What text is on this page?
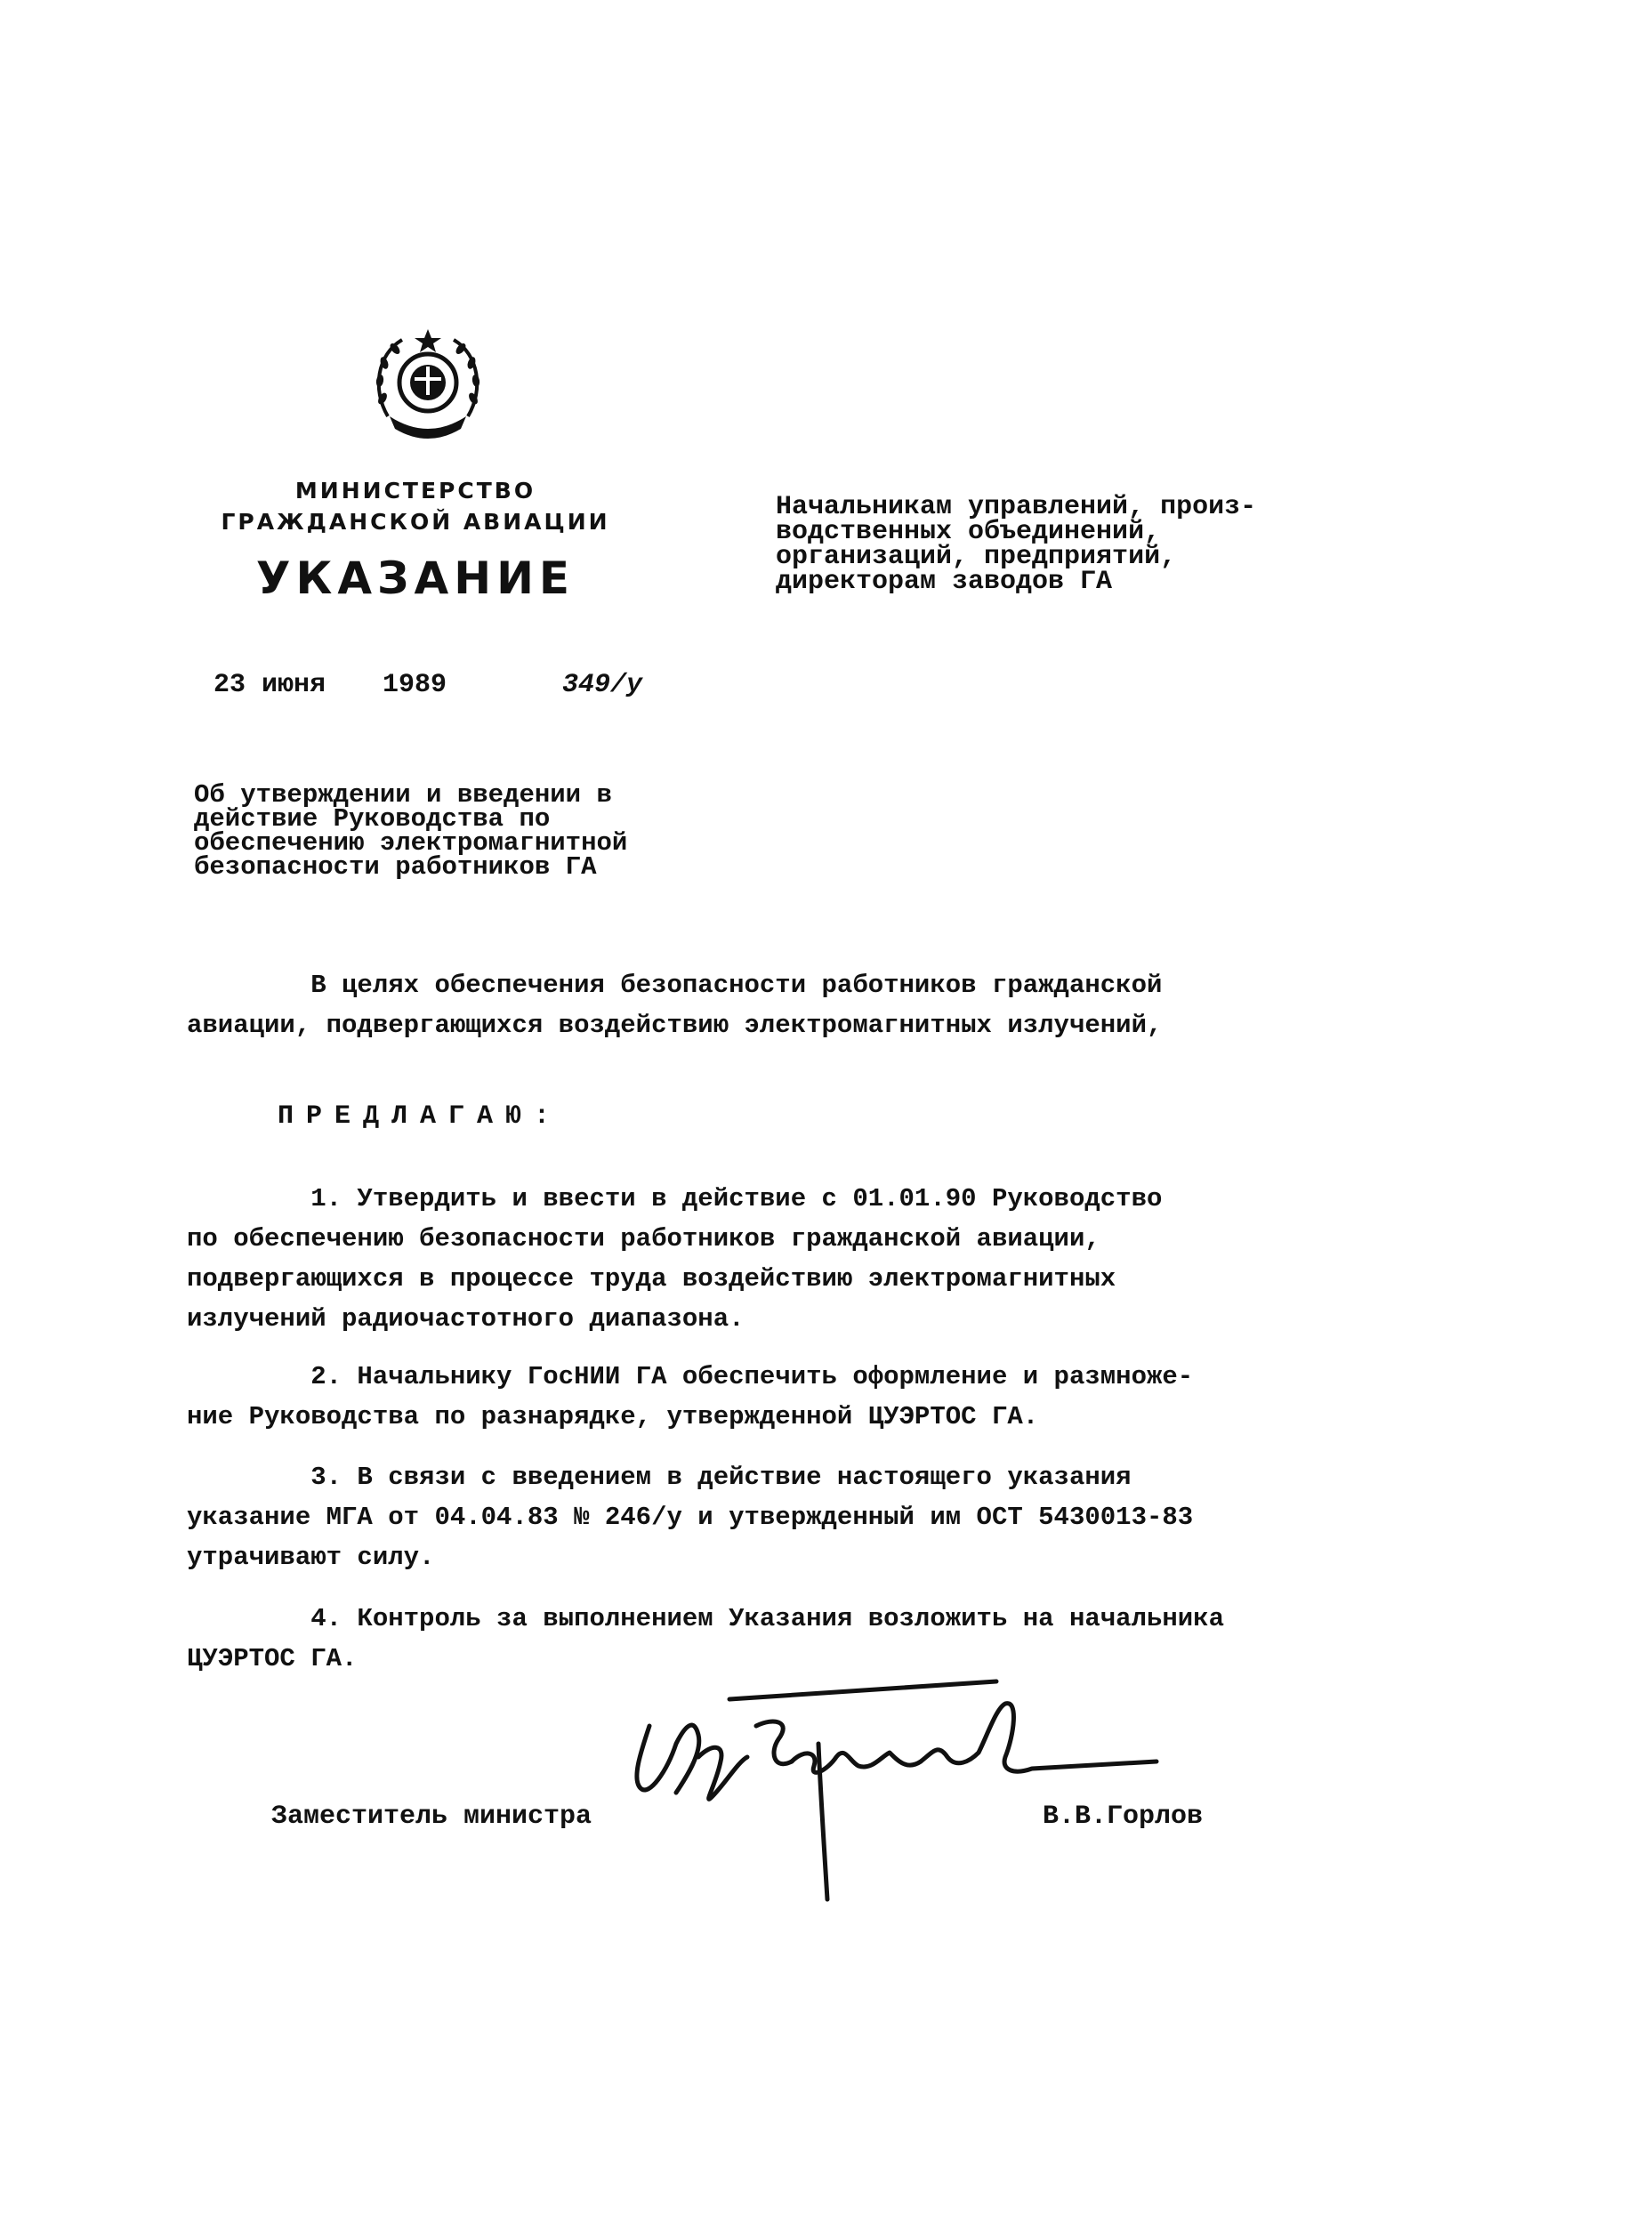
МИНИСТЕРСТВО
ГРАЖДАНСКОЙ АВИАЦИИ
УКАЗАНИЕ
23 июня 1989	349/у
Начальникам управлений, произ-
водственных объединений,
организаций, предприятий,
директорам заводов ГА
Об утверждении и введении в
действие Руководства по
обеспечению электромагнитной
безопасности работников ГА
В целях обеспечения безопасности работников гражданской
авиации, подвергающихся воздействию электромагнитных излучений,
ПРЕДЛАГАЮ:
1. Утвердить и ввести в действие с 01.01.90 Руководство
по обеспечению безопасности работников гражданской авиации,
подвергающихся в процессе труда воздействию электромагнитных
излучений радиочастотного диапазона.
2. Начальнику ГосНИИ ГА обеспечить оформление и размноже-
ние Руководства по разнарядке, утвержденной ЦУЭРТОС ГА.
3. В связи с введением в действие настоящего указания
указание МГА от 04.04.83 № 246/у и утвержденный им ОСТ 5430013-83
утрачивают силу.
4. Контроль за выполнением Указания возложить на начальника
ЦУЭРТОС ГА.
Заместитель министра	В.В.Горлов
